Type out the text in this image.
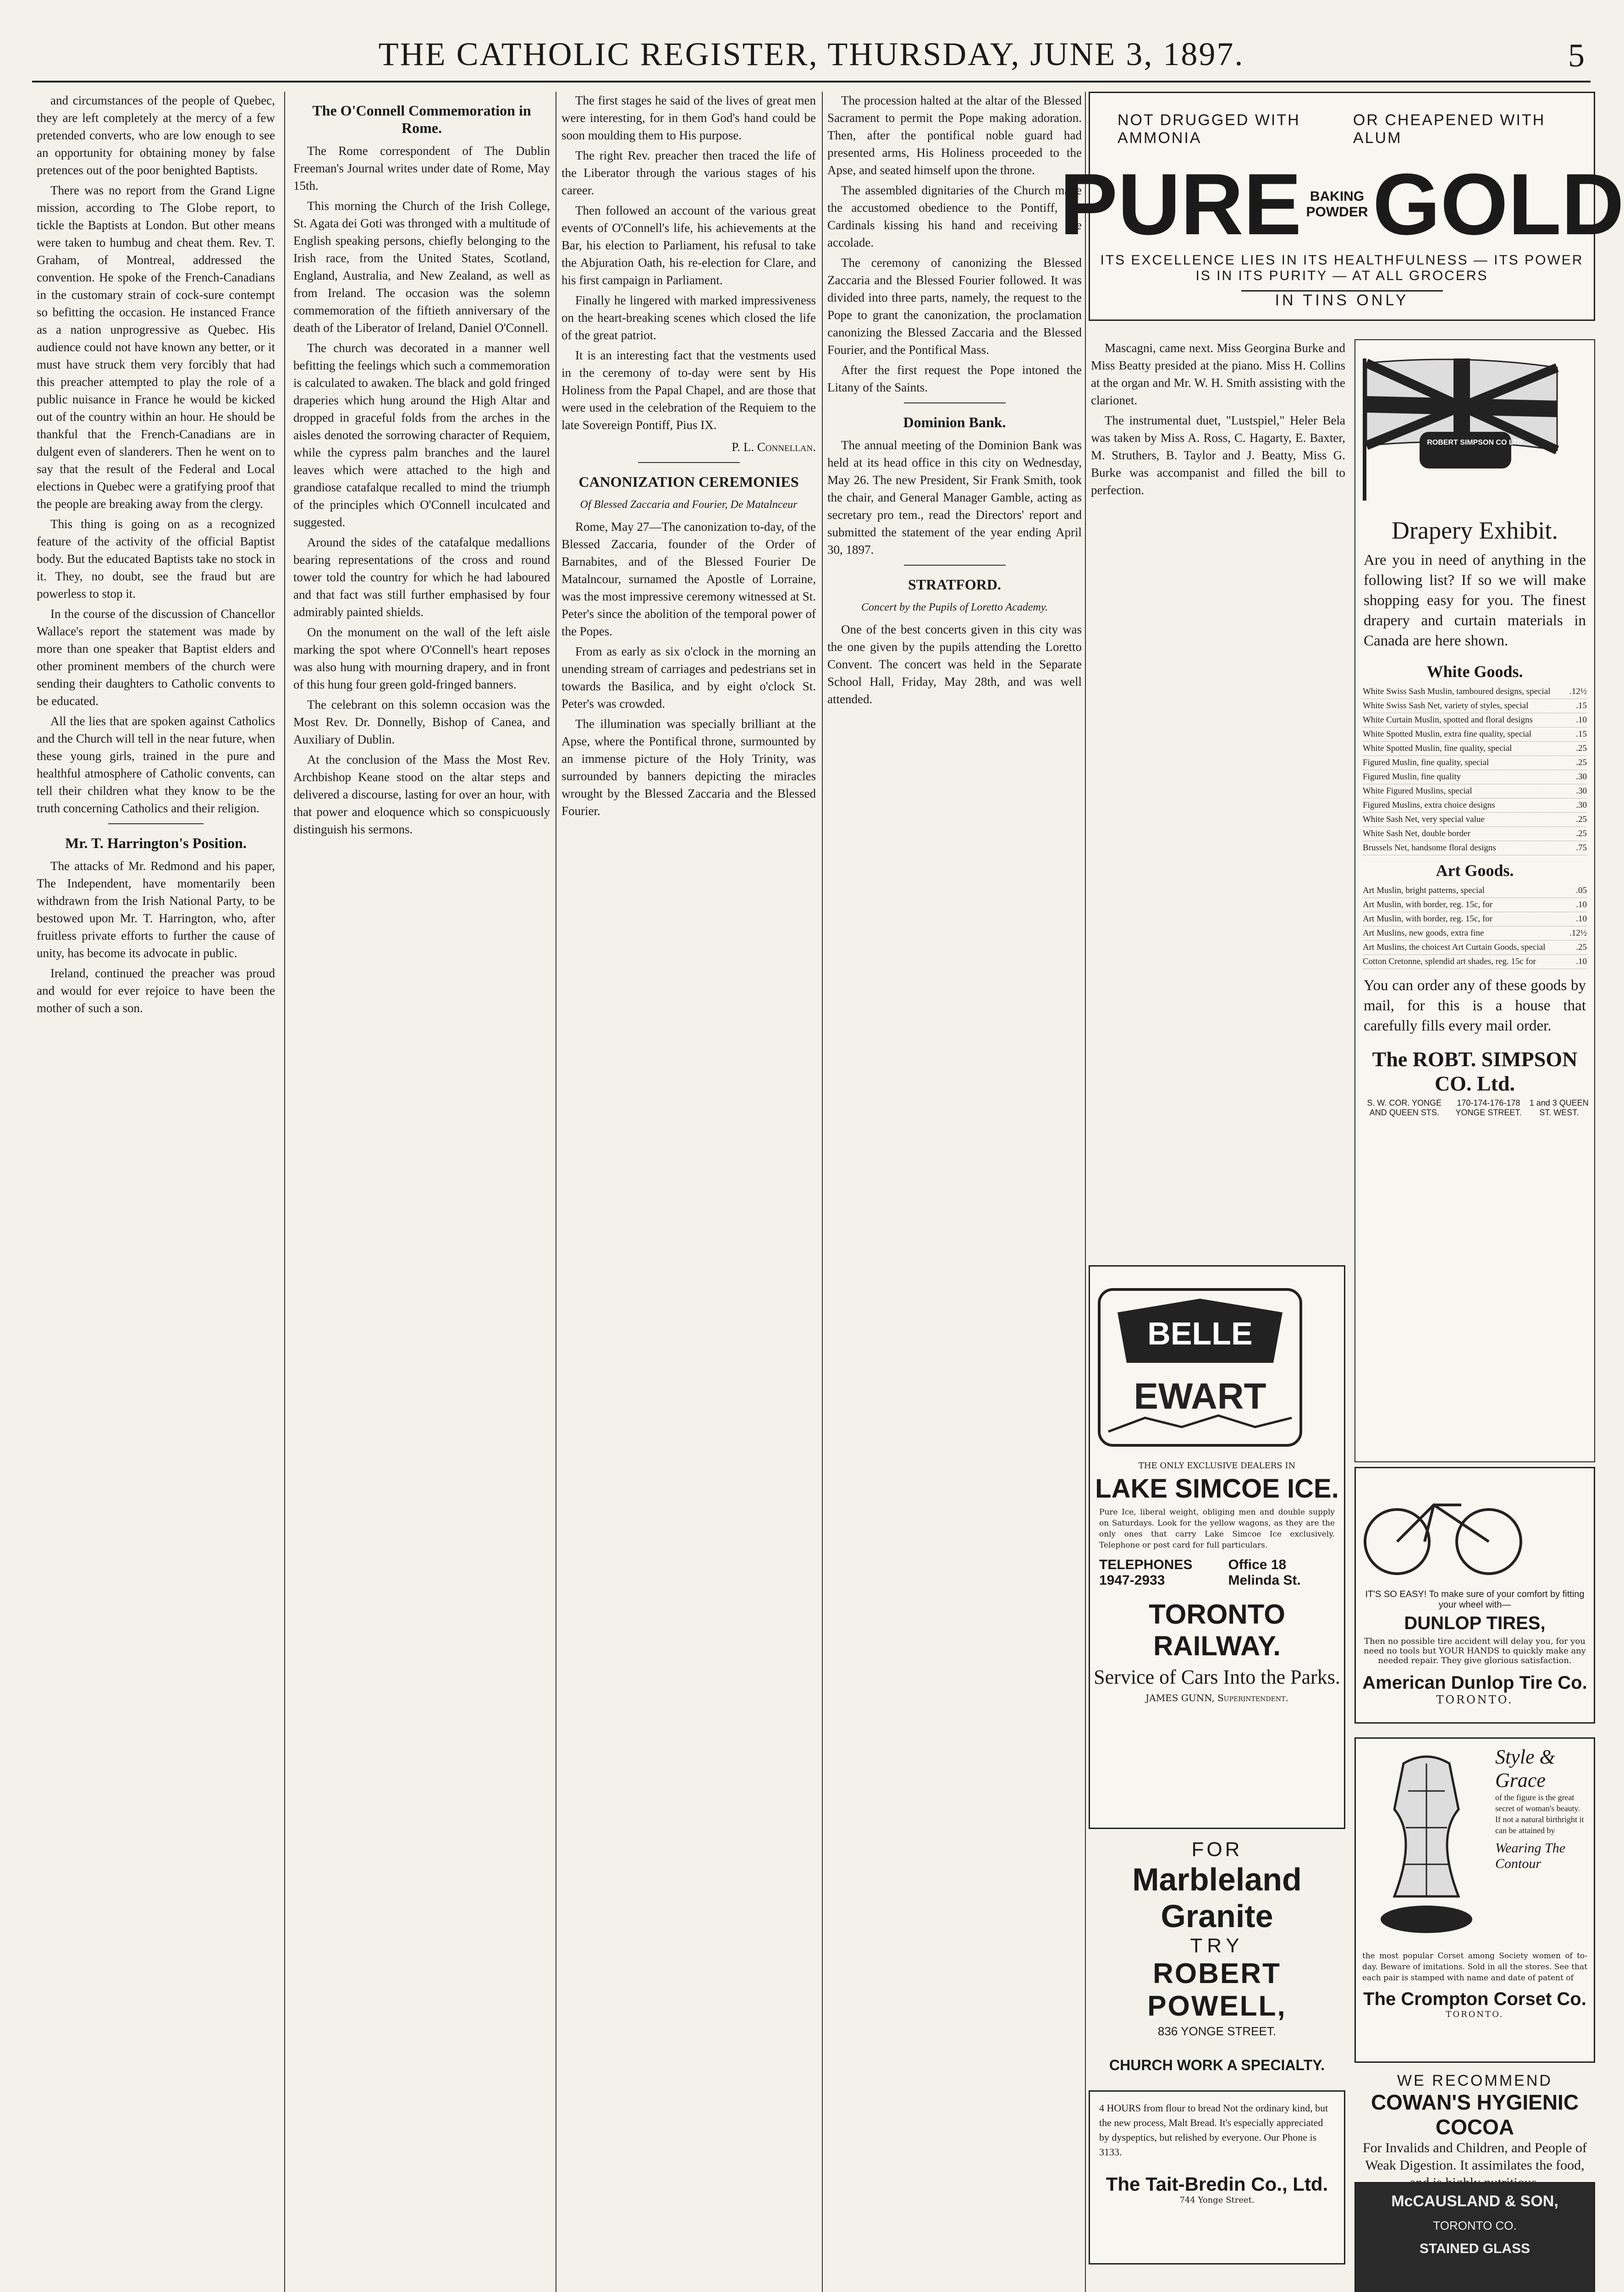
THE CATHOLIC REGISTER, THURSDAY, JUNE 3, 1897.	5

and circumstances of the people of Quebec, they are left completely at the mercy of a few pretended converts, who are low enough to see an opportunity for obtaining money by false pretences out of the poor benighted Baptists.

There was no report from the Grand Ligne mission, according to The Globe report, to tickle the Baptists at London. But other means were taken to humbug and cheat them. Rev. T. Graham, of Montreal, addressed the convention. He spoke of the French-Canadians in the customary strain of cock-sure contempt so befitting the occasion. He instanced France as a nation unprogressive as Quebec. His audience could not have known any better, or it must have struck them very forcibly that had this preacher attempted to play the role of a public nuisance in France he would be kicked out of the country within an hour. He should be thankful that the French-Canadians are in dulgent even of slanderers. Then he went on to say that the result of the Federal and Local elections in Quebec were a gratifying proof that the people are breaking away from the clergy.

This thing is going on as a recognized feature of the activity of the official Baptist body. But the educated Baptists take no stock in it. They, no doubt, see the fraud but are powerless to stop it.

In the course of the discussion of Chancellor Wallace's report the statement was made by more than one speaker that Baptist elders and other prominent members of the church were sending their daughters to Catholic convents to be educated.

All the lies that are spoken against Catholics and the Church will tell in the near future, when these young girls, trained in the pure and healthful atmosphere of Catholic convents, can tell their children what they know to be the truth concerning Catholics and their religion.

Mr. T. Harrington's Position.

The attacks of Mr. Redmond and his paper, The Independent, have momentarily been withdrawn from the Irish National Party, to be bestowed upon Mr. T. Harrington, who, after fruitless private efforts to further the cause of unity, has become its advocate in public.

Ireland, continued the preacher was proud and would for ever rejoice to have been the mother of such a son.

The O'Connell Commemoration in Rome.

The Rome correspondent of The Dublin Freeman's Journal writes under date of Rome, May 15th.

This morning the Church of the Irish College, St. Agata dei Goti was thronged with a multitude of English speaking persons, chiefly belonging to the Irish race, from the United States, Scotland, England, Australia, and New Zealand, as well as from Ireland. The occasion was the solemn commemoration of the fiftieth anniversary of the death of the Liberator of Ireland, Daniel O'Connell.

The church was decorated in a manner well befitting the feelings which such a commemoration is calculated to awaken. The black and gold fringed draperies which hung around the High Altar and dropped in graceful folds from the arches in the aisles denoted the sorrowing character of Requiem, while the cypress palm branches and the laurel leaves which were attached to the high and grandiose catafalque recalled to mind the triumph of the principles which O'Connell inculcated and suggested.

Around the sides of the catafalque medallions bearing representations of the cross and round tower told the country for which he had laboured and that fact was still further emphasised by four admirably painted shields.

On the monument on the wall of the left aisle marking the spot where O'Connell's heart reposes was also hung with mourning drapery, and in front of this hung four green gold-fringed banners.

The celebrant on this solemn occasion was the Most Rev. Dr. Donnelly, Bishop of Canea, and Auxiliary of Dublin.

At the conclusion of the Mass the Most Rev. Archbishop Keane stood on the altar steps and delivered a discourse, lasting for over an hour, with that power and eloquence which so conspicuously distinguish his sermons.

The first stages he said of the lives of great men were interesting, for in them God's hand could be soon moulding them to His purpose.

The right Rev. preacher then traced the life of the Liberator through the various stages of his career.

Then followed an account of the various great events of O'Connell's life, his achievements at the Bar, his election to Parliament, his refusal to take the Abjuration Oath, his re-election for Clare, and his first campaign in Parliament.

Finally he lingered with marked impressiveness on the heart-breaking scenes which closed the life of the great patriot.

It is an interesting fact that the vestments used in the ceremony of to-day were sent by His Holiness from the Papal Chapel, and are those that were used in the celebration of the Requiem to the late Sovereign Pontiff, Pius IX.

P. L. Connellan.
CANONIZATION CEREMONIES
Of Blessed Zaccaria and Fourier, De Matalnceur

Rome, May 27—The canonization to-day, of the Blessed Zaccaria, founder of the Order of Barnabites, and of the Blessed Fourier De Matalncour, surnamed the Apostle of Lorraine, was the most impressive ceremony witnessed at St. Peter's since the abolition of the temporal power of the Popes.

From as early as six o'clock in the morning an unending stream of carriages and pedestrians set in towards the Basilica, and by eight o'clock St. Peter's was crowded.

The illumination was specially brilliant at the Apse, where the Pontifical throne, surmounted by an immense picture of the Holy Trinity, was surrounded by banners depicting the miracles wrought by the Blessed Zaccaria and the Blessed Fourier.

The procession halted at the altar of the Blessed Sacrament to permit the Pope making adoration. Then, after the pontifical noble guard had presented arms, His Holiness proceeded to the Apse, and seated himself upon the throne.

The assembled dignitaries of the Church made the accustomed obedience to the Pontiff, the Cardinals kissing his hand and receiving the accolade.

The ceremony of canonizing the Blessed Zaccaria and the Blessed Fourier followed. It was divided into three parts, namely, the request to the Pope to grant the canonization, the proclamation canonizing the Blessed Zaccaria and the Blessed Fourier, and the Pontifical Mass.

After the first request the Pope intoned the Litany of the Saints.

Dominion Bank.

The annual meeting of the Dominion Bank was held at its head office in this city on Wednesday, May 26. The new President, Sir Frank Smith, took the chair, and General Manager Gamble, acting as secretary pro tem., read the Directors' report and submitted the statement of the year ending April 30, 1897.

STRATFORD.
Concert by the Pupils of Loretto Academy.

One of the best concerts given in this city was the one given by the pupils attending the Loretto Convent. The concert was held in the Separate School Hall, Friday, May 28th, and was well attended.

Mascagni, came next. Miss Georgina Burke and Miss Beatty presided at the piano. Miss H. Collins at the organ and Mr. W. H. Smith assisting with the clarionet.

The instrumental duet, "Lustspiel," Heler Bela was taken by Miss A. Ross, C. Hagarty, E. Baxter, M. Struthers, B. Taylor and J. Beatty, Miss G. Burke was accompanist and filled the bill to perfection.

NOT DRUGGED WITH AMMONIA
OR CHEAPENED WITH ALUM
PURE BAKING
POWDER GOLD
ITS EXCELLENCE LIES IN ITS HEALTHFULNESS — ITS POWER IS IN ITS PURITY — AT ALL GROCERS
IN TINS ONLY
ROBERT SIMPSON CO LTD
Drapery Exhibit.
Are you in need of anything in the following list? If so we will make shopping easy for you. The finest drapery and curtain materials in Canada are here shown.
White Goods.
White Swiss Sash Muslin, tamboured designs, special .12½
White Swiss Sash Net, variety of styles, special	.15
White Curtain Muslin, spotted and floral designs	.10
White Spotted Muslin, extra fine quality, special	.15
White Spotted Muslin, fine quality, special	.25
Figured Muslin, fine quality, special	.25
Figured Muslin, fine quality	.30
White Figured Muslins, special	.30
Figured Muslins, extra choice designs	.30
White Sash Net, very special value	.25
White Sash Net, double border	.25
Brussels Net, handsome floral designs	.75
Art Goods.
Art Muslin, bright patterns, special	.05
Art Muslin, with border, reg. 15c, for	.10
Art Muslin, with border, reg. 15c, for	.10
Art Muslins, new goods, extra fine	.12½
Art Muslins, the choicest Art Curtain Goods, special	.25
Cotton Cretonne, splendid art shades, reg. 15c for	.10
You can order any of these goods by mail, for this is a house that carefully fills every mail order.
The ROBT. SIMPSON CO. Ltd.
S. W. COR. YONGE AND QUEEN STS.
170-174-176-178 YONGE STREET.
1 and 3 QUEEN ST. WEST.
BELLE
EWART
THE ONLY EXCLUSIVE DEALERS IN
LAKE SIMCOE ICE.
Pure Ice, liberal weight, obliging men and double supply on Saturdays. Look for the yellow wagons, as they are the only ones that carry Lake Simcoe Ice exclusively. Telephone or post card for full particulars.
TELEPHONES 1947-2933
Office 18 Melinda St.
TORONTO RAILWAY.
Service of Cars Into the Parks.
JAMES GUNN, Superintendent.
FOR
Marbleland Granite
TRY
ROBERT POWELL,
836 YONGE STREET.
CHURCH WORK A SPECIALTY.
4 HOURS from flour to bread Not the ordinary kind, but the new process, Malt Bread. It's especially appreciated by dyspeptics, but relished by everyone. Our Phone is 3133.
The Tait-Bredin Co., Ltd.
744 Yonge Street.
IT'S SO EASY! To make sure of your comfort by fitting your wheel with—
DUNLOP TIRES,
Then no possible tire accident will delay you, for you need no tools but YOUR HANDS to quickly make any needed repair. They give glorious satisfaction.
American Dunlop Tire Co.
TORONTO.
Style &
Grace
of the figure is the great secret of woman's beauty. If not a natural birthright it can be attained by
Wearing The Contour
the most popular Corset among Society women of to-day. Beware of imitations. Sold in all the stores. See that each pair is stamped with name and date of patent of
The Crompton Corset Co.
TORONTO.
WE RECOMMEND
COWAN'S HYGIENIC COCOA
For Invalids and Children, and People of Weak Digestion. It assimilates the food,
McCAUSLAND & SON,
TORONTO CO.
STAINED GLASS
